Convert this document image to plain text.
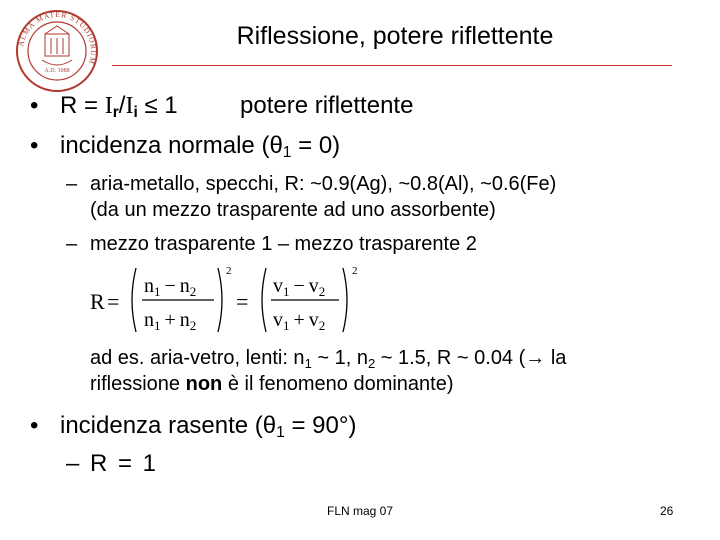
ALMA MATER STUDIORUM
A.D. 1088
Riflessione, potere riflettente
• $R = I_r/I_i \le 1$	potere riflettente
• incidenza normale $(\theta_1 = 0)$
– aria-metallo, specchi, R: ~0.9(Ag), ~0.8(Al), ~0.6(Fe)
(da un mezzo trasparente ad uno assorbente)
– mezzo trasparente 1 – mezzo trasparente 2
R =
$n_1 - n_2$
$n_1 + n_2$
2
=
$v_1 - v_2$
$v_1 + v_2$
2
ad es. aria-vetro, lenti: $n_1$ ~ 1, $n_2$ ~ 1.5, R ~ 0.04 (→ la
riflessione non è il fenomeno dominante)
• incidenza rasente $(\theta_1 = 90^\circ)$
– R = 1
FLN mag 07	26
